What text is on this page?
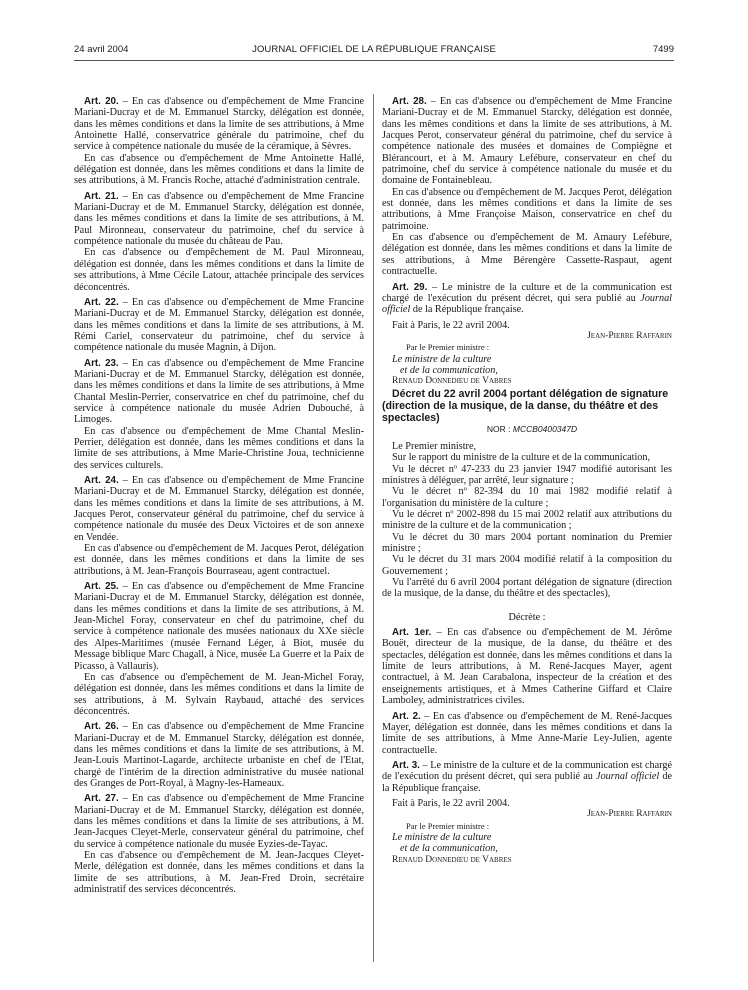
24 avril 2004	JOURNAL OFFICIEL DE LA RÉPUBLIQUE FRANÇAISE	7499

Art. 20. – En cas d'absence ou d'empêchement de Mme Francine Mariani-Ducray et de M. Emmanuel Starcky, délégation est donnée, dans les mêmes conditions et dans la limite de ses attributions, à Mme Antoinette Hallé, conservatrice générale du patrimoine, chef du service à compétence nationale du musée de la céramique, à Sèvres.

En cas d'absence ou d'empêchement de Mme Antoinette Hallé, délégation est donnée, dans les mêmes conditions et dans la limite de ses attributions, à M. Francis Roche, attaché d'administration centrale.

Art. 21. – En cas d'absence ou d'empêchement de Mme Francine Mariani-Ducray et de M. Emmanuel Starcky, délégation est donnée, dans les mêmes conditions et dans la limite de ses attributions, à M. Paul Mironneau, conservateur du patrimoine, chef du service à compétence nationale du musée du château de Pau.

En cas d'absence ou d'empêchement de M. Paul Mironneau, délégation est donnée, dans les mêmes conditions et dans la limite de ses attributions, à Mme Cécile Latour, attachée principale des services déconcentrés.

Art. 22. – En cas d'absence ou d'empêchement de Mme Francine Mariani-Ducray et de M. Emmanuel Starcky, délégation est donnée, dans les mêmes conditions et dans la limite de ses attributions, à M. Rémi Cariel, conservateur du patrimoine, chef du service à compétence nationale du musée Magnin, à Dijon.

Art. 23. – En cas d'absence ou d'empêchement de Mme Francine Mariani-Ducray et de M. Emmanuel Starcky, délégation est donnée, dans les mêmes conditions et dans la limite de ses attributions, à Mme Chantal Meslin-Perrier, conservatrice en chef du patrimoine, chef du service à compétence nationale du musée Adrien Dubouché, à Limoges.

En cas d'absence ou d'empêchement de Mme Chantal Meslin-Perrier, délégation est donnée, dans les mêmes conditions et dans la limite de ses attributions, à Mme Marie-Christine Joua, technicienne des services culturels.

Art. 24. – En cas d'absence ou d'empêchement de Mme Francine Mariani-Ducray et de M. Emmanuel Starcky, délégation est donnée, dans les mêmes conditions et dans la limite de ses attributions, à M. Jacques Perot, conservateur général du patrimoine, chef du service à compétence nationale du musée des Deux Victoires et de son annexe en Vendée.

En cas d'absence ou d'empêchement de M. Jacques Perot, délégation est donnée, dans les mêmes conditions et dans la limite de ses attributions, à M. Jean-François Bourraseau, agent contractuel.

Art. 25. – En cas d'absence ou d'empêchement de Mme Francine Mariani-Ducray et de M. Emmanuel Starcky, délégation est donnée, dans les mêmes conditions et dans la limite de ses attributions, à M. Jean-Michel Foray, conservateur en chef du patrimoine, chef du service à compétence nationale des musées nationaux du XXe siècle des Alpes-Maritimes (musée Fernand Léger, à Biot, musée du Message biblique Marc Chagall, à Nice, musée La Guerre et la Paix de Picasso, à Vallauris).

En cas d'absence ou d'empêchement de M. Jean-Michel Foray, délégation est donnée, dans les mêmes conditions et dans la limite de ses attributions, à M. Sylvain Raybaud, attaché des services déconcentrés.

Art. 26. – En cas d'absence ou d'empêchement de Mme Francine Mariani-Ducray et de M. Emmanuel Starcky, délégation est donnée, dans les mêmes conditions et dans la limite de ses attributions, à M. Jean-Louis Martinot-Lagarde, architecte urbaniste en chef de l'Etat, chargé de l'intérim de la direction administrative du musée national des Granges de Port-Royal, à Magny-les-Hameaux.

Art. 27. – En cas d'absence ou d'empêchement de Mme Francine Mariani-Ducray et de M. Emmanuel Starcky, délégation est donnée, dans les mêmes conditions et dans la limite de ses attributions, à M. Jean-Jacques Cleyet-Merle, conservateur général du patrimoine, chef du service à compétence nationale du musée Eyzies-de-Tayac.

En cas d'absence ou d'empêchement de M. Jean-Jacques Cleyet-Merle, délégation est donnée, dans les mêmes conditions et dans la limite de ses attributions, à M. Jean-Fred Droin, secrétaire administratif des services déconcentrés.

Art. 28. – En cas d'absence ou d'empêchement de Mme Francine Mariani-Ducray et de M. Emmanuel Starcky, délégation est donnée, dans les mêmes conditions et dans la limite de ses attributions, à M. Jacques Perot, conservateur général du patrimoine, chef du service à compétence nationale des musées et domaines de Compiègne et Blérancourt, et à M. Amaury Lefébure, conservateur en chef du patrimoine, chef du service à compétence nationale du musée et du domaine de Fontainebleau.

En cas d'absence ou d'empêchement de M. Jacques Perot, délégation est donnée, dans les mêmes conditions et dans la limite de ses attributions, à Mme Françoise Maison, conservatrice en chef du patrimoine.

En cas d'absence ou d'empêchement de M. Amaury Lefébure, délégation est donnée, dans les mêmes conditions et dans la limite de ses attributions, à Mme Bérengère Cassette-Raspaut, agent contractuelle.

Art. 29. – Le ministre de la culture et de la communication est chargé de l'exécution du présent décret, qui sera publié au Journal officiel de la République française.

Fait à Paris, le 22 avril 2004.

Jean-Pierre Raffarin

Par le Premier ministre :

Le ministre de la culture

et de la communication,

Renaud Donnedieu de Vabres

Décret du 22 avril 2004 portant délégation de signature (direction de la musique, de la danse, du théâtre et des spectacles)

NOR : MCCB0400347D

Le Premier ministre,

Sur le rapport du ministre de la culture et de la communication,

Vu le décret nº 47-233 du 23 janvier 1947 modifié autorisant les ministres à déléguer, par arrêté, leur signature ;

Vu le décret nº 82-394 du 10 mai 1982 modifié relatif à l'organisation du ministère de la culture ;

Vu le décret nº 2002-898 du 15 mai 2002 relatif aux attributions du ministre de la culture et de la communication ;

Vu le décret du 30 mars 2004 portant nomination du Premier ministre ;

Vu le décret du 31 mars 2004 modifié relatif à la composition du Gouvernement ;

Vu l'arrêté du 6 avril 2004 portant délégation de signature (direction de la musique, de la danse, du théâtre et des spectacles),

Décrète :

Art. 1er. – En cas d'absence ou d'empêchement de M. Jérôme Bouët, directeur de la musique, de la danse, du théâtre et des spectacles, délégation est donnée, dans les mêmes conditions et dans la limite de leurs attributions, à M. René-Jacques Mayer, agent contractuel, à M. Jean Carabalona, inspecteur de la création et des enseignements artistiques, et à Mmes Catherine Giffard et Claire Lamboley, administratrices civiles.

Art. 2. – En cas d'absence ou d'empêchement de M. René-Jacques Mayer, délégation est donnée, dans les mêmes conditions et dans la limite de ses attributions, à Mme Anne-Marie Ley-Julien, agente contractuelle.

Art. 3. – Le ministre de la culture et de la communication est chargé de l'exécution du présent décret, qui sera publié au Journal officiel de la République française.

Fait à Paris, le 22 avril 2004.

Jean-Pierre Raffarin

Par le Premier ministre :

Le ministre de la culture

et de la communication,

Renaud Donnedieu de Vabres
